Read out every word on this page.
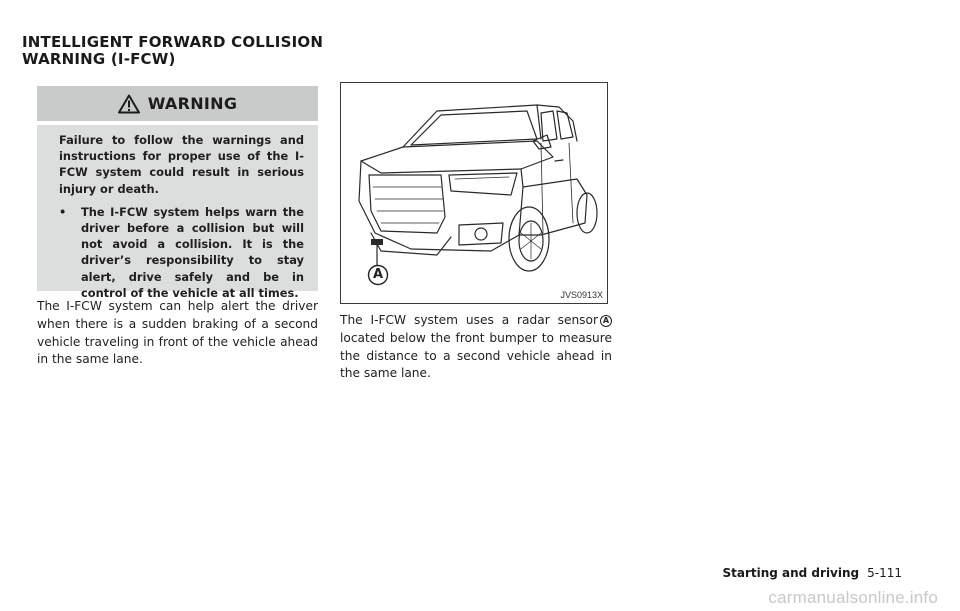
INTELLIGENT FORWARD COLLISION
WARNING (I-FCW)
WARNING

Failure to follow the warnings and instructions for proper use of the I-FCW system could result in serious injury or death.

•	The I-FCW system helps warn the driver before a collision but will not avoid a collision. It is the driver’s responsibility to stay alert, drive safely and be in control of the vehicle at all times.

The I-FCW system can help alert the driver when there is a sudden braking of a second vehicle traveling in front of the vehicle ahead in the same lane.

A
JVS0913X

The I-FCW system uses a radar sensor A located below the front bumper to measure the distance to a second vehicle ahead in the same lane.

Starting and driving 5-111
carmanualsonline.info
